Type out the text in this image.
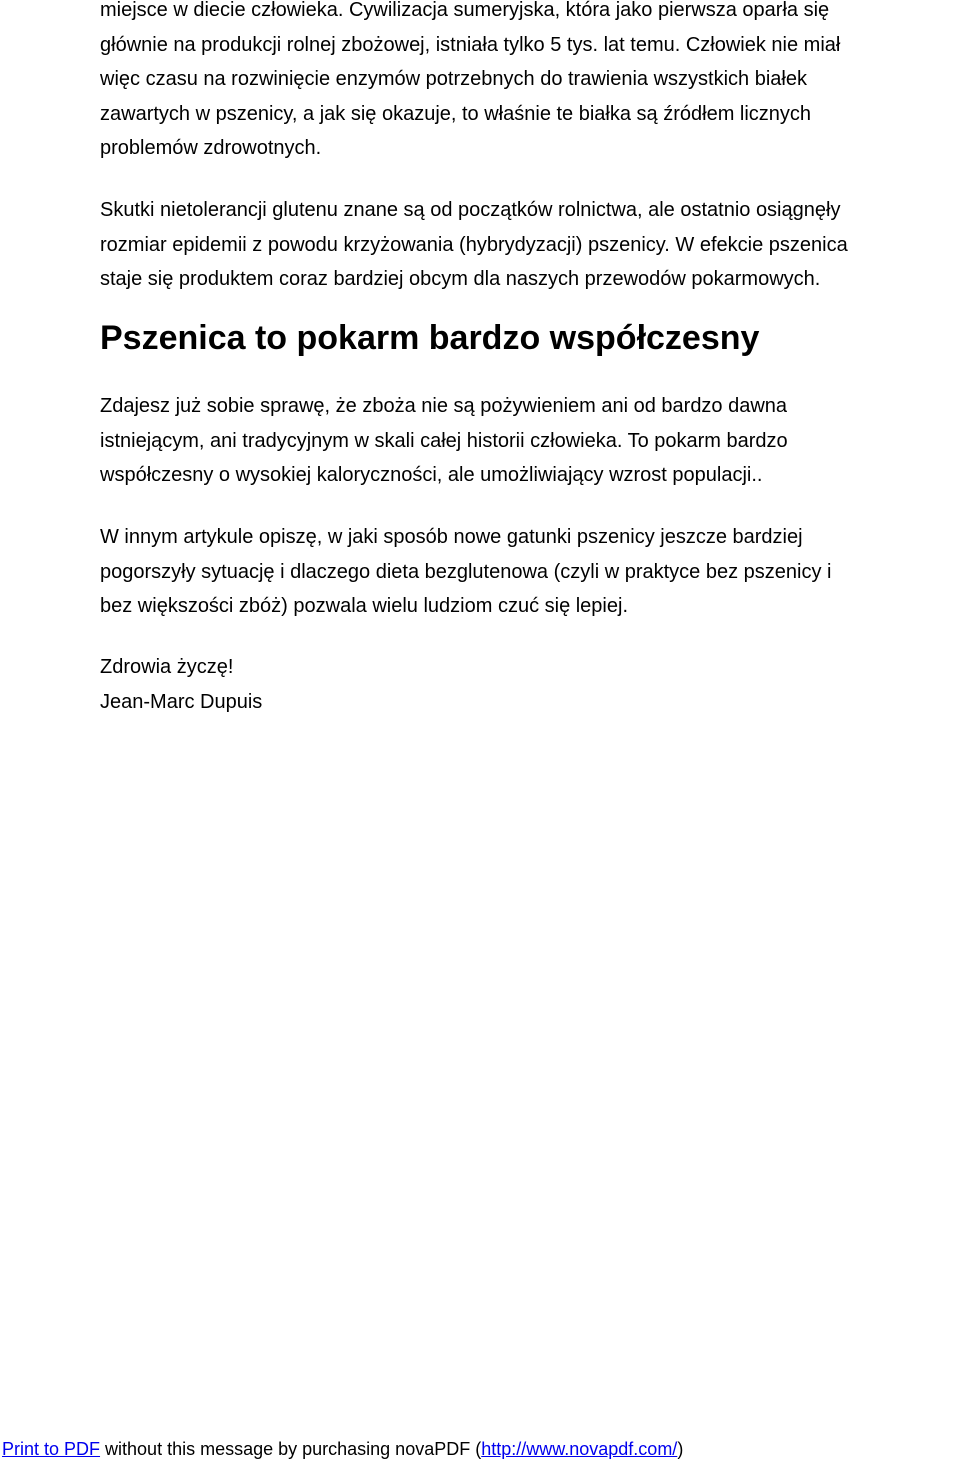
miejsce w diecie człowieka. Cywilizacja sumeryjska, która jako pierwsza oparła się
głównie na produkcji rolnej zbożowej, istniała tylko 5 tys. lat temu. Człowiek nie miał
więc czasu na rozwinięcie enzymów potrzebnych do trawienia wszystkich białek
zawartych w pszenicy, a jak się okazuje, to właśnie te białka są źródłem licznych
problemów zdrowotnych.
Skutki nietolerancji glutenu znane są od początków rolnictwa, ale ostatnio osiągnęły
rozmiar epidemii z powodu krzyżowania (hybrydyzacji) pszenicy. W efekcie pszenica
staje się produktem coraz bardziej obcym dla naszych przewodów pokarmowych.
Pszenica to pokarm bardzo współczesny
Zdajesz już sobie sprawę, że zboża nie są pożywieniem ani od bardzo dawna
istniejącym, ani tradycyjnym w skali całej historii człowieka. To pokarm bardzo
współczesny o wysokiej kaloryczności, ale umożliwiający wzrost populacji..
W innym artykule opiszę, w jaki sposób nowe gatunki pszenicy jeszcze bardziej
pogorszyły sytuację i dlaczego dieta bezglutenowa (czyli w praktyce bez pszenicy i
bez większości zbóż) pozwala wielu ludziom czuć się lepiej.
Zdrowia życzę!
Jean-Marc Dupuis
Print to PDF without this message by purchasing novaPDF (http://www.novapdf.com/)
